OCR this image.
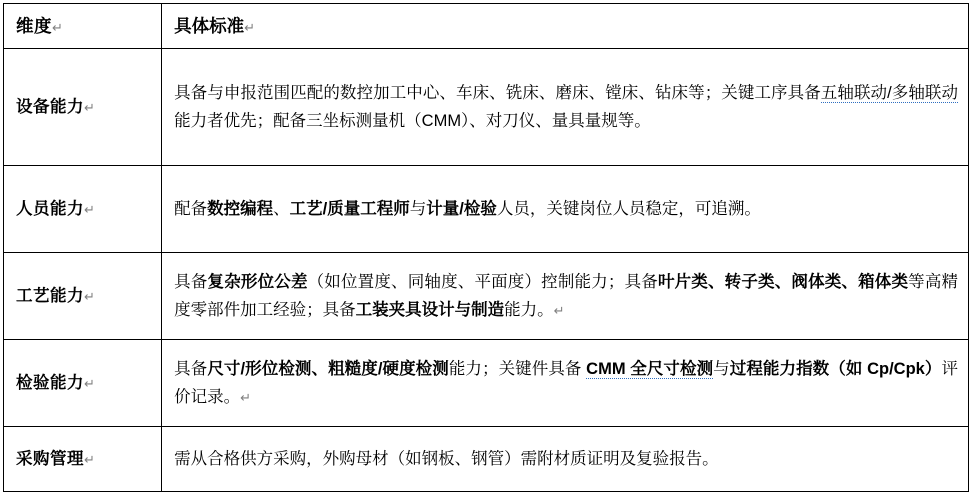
维度↵	具体标准↵
设备能力↵	具备与申报范围匹配的数控加工中心、车床、铣床、磨床、镗床、钻床等；关键工序具备五轴联动/多轴联动能力者优先；配备三坐标测量机（CMM）、对刀仪、量具量规等。
人员能力↵	配备数控编程、工艺/质量工程师与计量/检验人员，关键岗位人员稳定，可追溯。
工艺能力↵	具备复杂形位公差（如位置度、同轴度、平面度）控制能力；具备叶片类、转子类、阀体类、箱体类等高精度零部件加工经验；具备工装夹具设计与制造能力。↵
检验能力↵	具备尺寸/形位检测、粗糙度/硬度检测能力；关键件具备 CMM 全尺寸检测与过程能力指数（如 Cp/Cpk）评价记录。↵
采购管理↵	需从合格供方采购，外购母材（如钢板、钢管）需附材质证明及复验报告。
